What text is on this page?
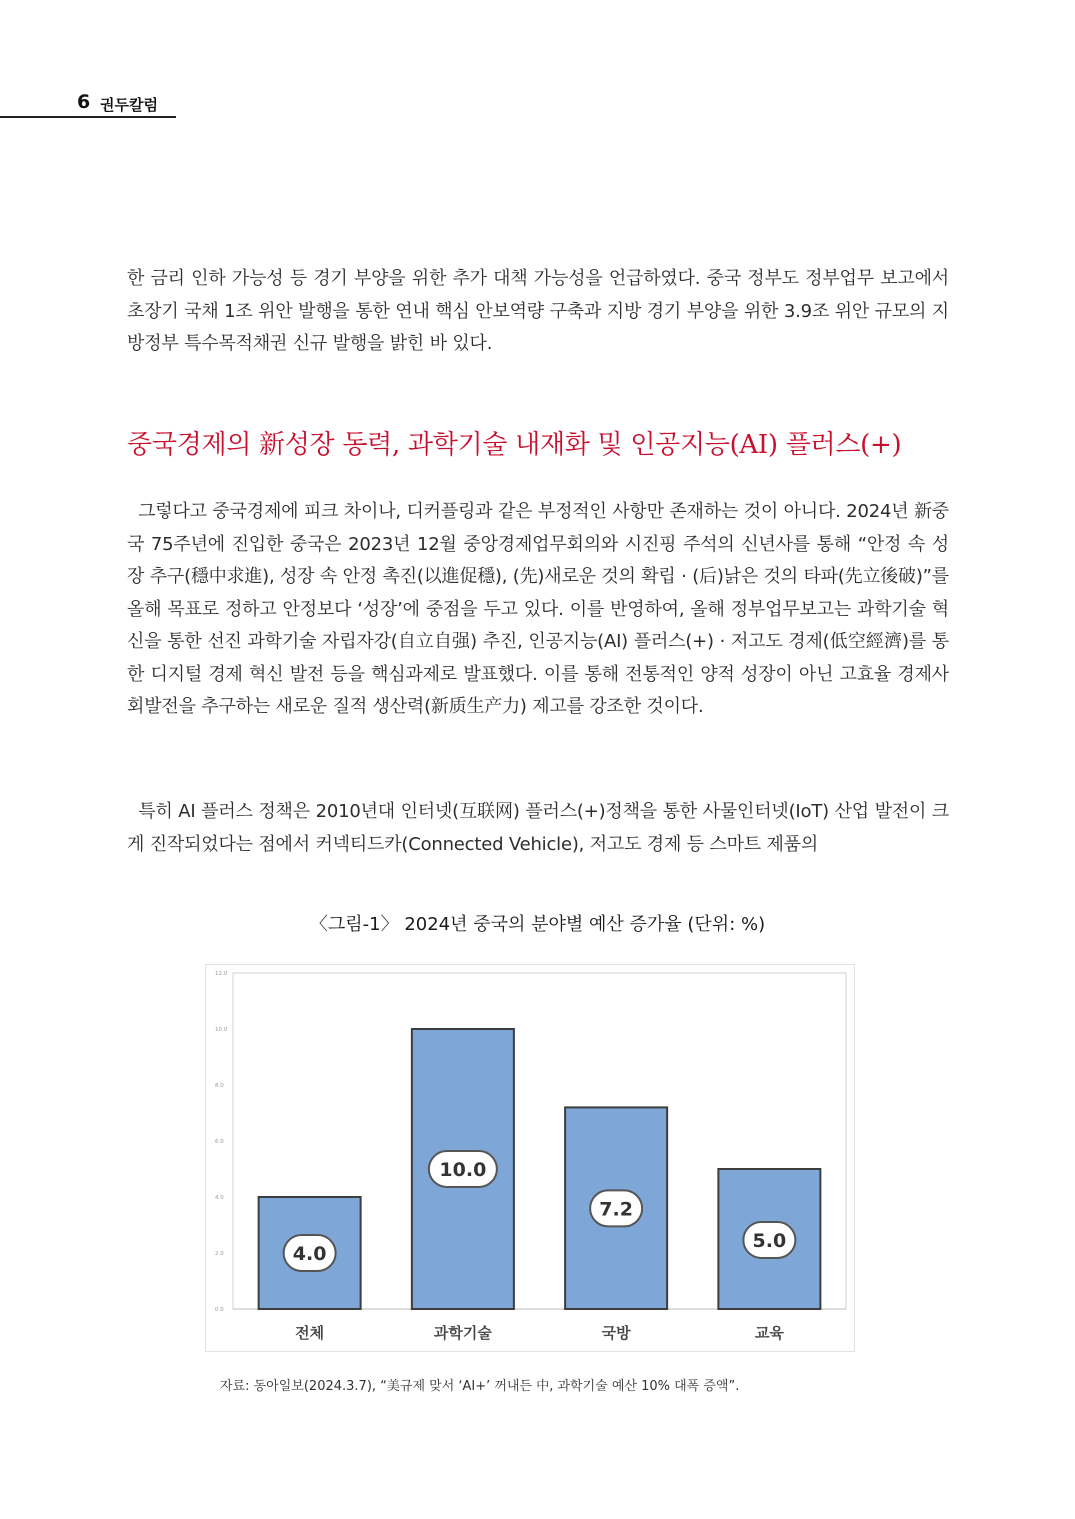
6 권두칼럼

한 금리 인하 가능성 등 경기 부양을 위한 추가 대책 가능성을 언급하였다. 중국 정부도 정부업무 보고에서 초장기 국채 1조 위안 발행을 통한 연내 핵심 안보역량 구축과 지방 경기 부양을 위한 3.9조 위안 규모의 지방정부 특수목적채권 신규 발행을 밝힌 바 있다.

중국경제의 新성장 동력, 과학기술 내재화 및 인공지능(AI) 플러스(+)

그렇다고 중국경제에 피크 차이나, 디커플링과 같은 부정적인 사항만 존재하는 것이 아니다. 2024년 新중국 75주년에 진입한 중국은 2023년 12월 중앙경제업무회의와 시진핑 주석의 신년사를 통해 “안정 속 성장 추구(穩中求進), 성장 속 안정 촉진(以進促穩), (先)새로운 것의 확립 · (后)낡은 것의 타파(先立後破)”를 올해 목표로 정하고 안정보다 ‘성장’에 중점을 두고 있다. 이를 반영하여, 올해 정부업무보고는 과학기술 혁신을 통한 선진 과학기술 자립자강(自立自强) 추진, 인공지능(AI) 플러스(+) · 저고도 경제(低空經濟)를 통한 디지털 경제 혁신 발전 등을 핵심과제로 발표했다. 이를 통해 전통적인 양적 성장이 아닌 고효율 경제사회발전을 추구하는 새로운 질적 생산력(新质生产力) 제고를 강조한 것이다.

특히 AI 플러스 정책은 2010년대 인터넷(互联网) 플러스(+)정책을 통한 사물인터넷(IoT) 산업 발전이 크게 진작되었다는 점에서 커넥티드카(Connected Vehicle), 저고도 경제 등 스마트 제품의

〈그림-1〉 2024년 중국의 분야별 예산 증가율 (단위: %)
0.0
2.0
4.0
6.0
8.0
10.0
12.0
4.0
전체
10.0
과학기술
7.2
국방
5.0
교육
자료: 동아일보(2024.3.7), “美규제 맞서 ‘AI+’ 꺼내든 中, 과학기술 예산 10% 대폭 증액”.
